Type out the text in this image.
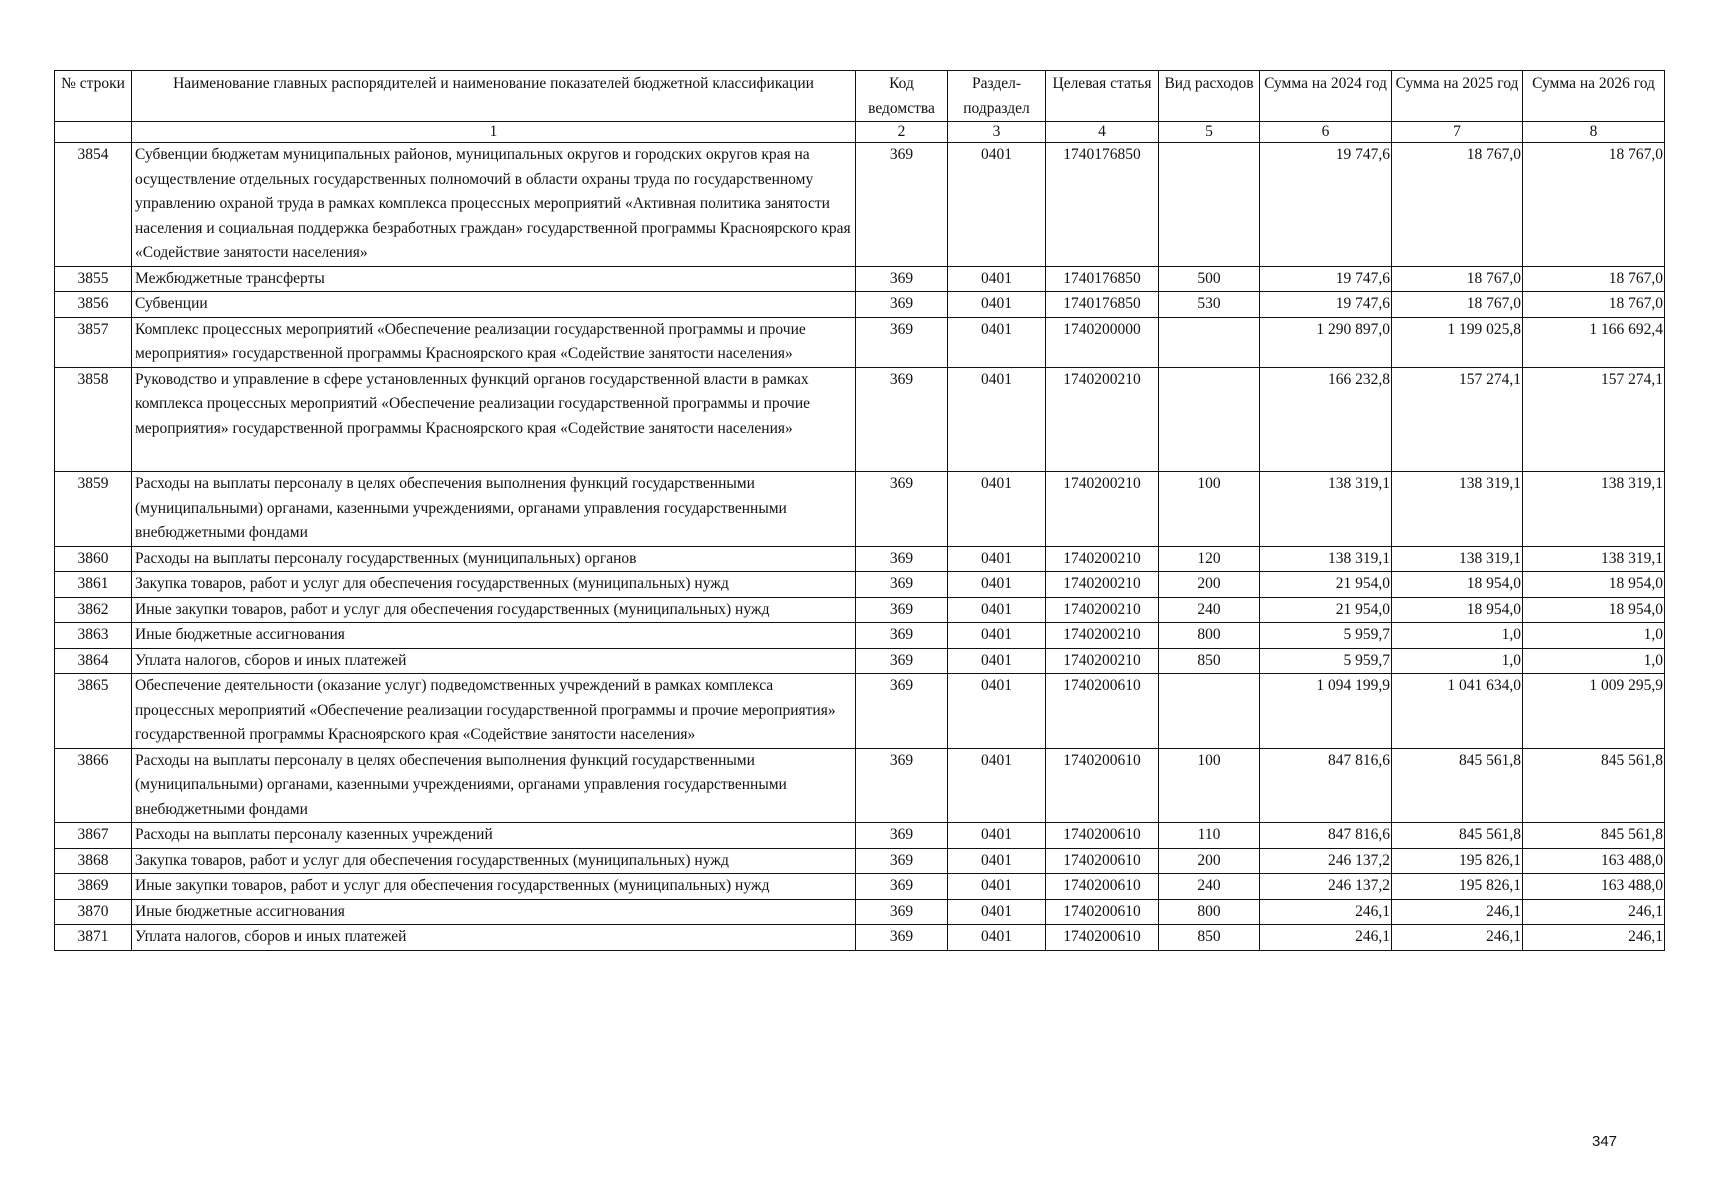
№ строки	Наименование главных распорядителей и наименование показателей бюджетной классификации	Код ведомства	Раздел-подраздел	Целевая статья	Вид расходов	Сумма на 2024 год	Сумма на 2025 год	Сумма на 2026 год
	1	2	3	4	5	6	7	8
3854	Субвенции бюджетам муниципальных районов, муниципальных округов и городских округов края на осуществление отдельных государственных полномочий в области охраны труда по государственному управлению охраной труда в рамках комплекса процессных мероприятий «Активная политика занятости населения и социальная поддержка безработных граждан» государственной программы Красноярского края «Содействие занятости населения»	369	0401	1740176850		19 747,6	18 767,0	18 767,0
3855	Межбюджетные трансферты	369	0401	1740176850	500	19 747,6	18 767,0	18 767,0
3856	Субвенции	369	0401	1740176850	530	19 747,6	18 767,0	18 767,0
3857	Комплекс процессных мероприятий «Обеспечение реализации государственной программы и прочие мероприятия» государственной программы Красноярского края «Содействие занятости населения»	369	0401	1740200000		1 290 897,0	1 199 025,8	1 166 692,4
3858	Руководство и управление в сфере установленных функций органов государственной власти в рамках комплекса процессных мероприятий «Обеспечение реализации государственной программы и прочие мероприятия» государственной программы Красноярского края «Содействие занятости населения»	369	0401	1740200210		166 232,8	157 274,1	157 274,1
3859	Расходы на выплаты персоналу в целях обеспечения выполнения функций государственными (муниципальными) органами, казенными учреждениями, органами управления государственными внебюджетными фондами	369	0401	1740200210	100	138 319,1	138 319,1	138 319,1
3860	Расходы на выплаты персоналу государственных (муниципальных) органов	369	0401	1740200210	120	138 319,1	138 319,1	138 319,1
3861	Закупка товаров, работ и услуг для обеспечения государственных (муниципальных) нужд	369	0401	1740200210	200	21 954,0	18 954,0	18 954,0
3862	Иные закупки товаров, работ и услуг для обеспечения государственных (муниципальных) нужд	369	0401	1740200210	240	21 954,0	18 954,0	18 954,0
3863	Иные бюджетные ассигнования	369	0401	1740200210	800	5 959,7	1,0	1,0
3864	Уплата налогов, сборов и иных платежей	369	0401	1740200210	850	5 959,7	1,0	1,0
3865	Обеспечение деятельности (оказание услуг) подведомственных учреждений в рамках комплекса процессных мероприятий «Обеспечение реализации государственной программы и прочие мероприятия» государственной программы Красноярского края «Содействие занятости населения»	369	0401	1740200610		1 094 199,9	1 041 634,0	1 009 295,9
3866	Расходы на выплаты персоналу в целях обеспечения выполнения функций государственными (муниципальными) органами, казенными учреждениями, органами управления государственными внебюджетными фондами	369	0401	1740200610	100	847 816,6	845 561,8	845 561,8
3867	Расходы на выплаты персоналу казенных учреждений	369	0401	1740200610	110	847 816,6	845 561,8	845 561,8
3868	Закупка товаров, работ и услуг для обеспечения государственных (муниципальных) нужд	369	0401	1740200610	200	246 137,2	195 826,1	163 488,0
3869	Иные закупки товаров, работ и услуг для обеспечения государственных (муниципальных) нужд	369	0401	1740200610	240	246 137,2	195 826,1	163 488,0
3870	Иные бюджетные ассигнования	369	0401	1740200610	800	246,1	246,1	246,1
3871	Уплата налогов, сборов и иных платежей	369	0401	1740200610	850	246,1	246,1	246,1
347
